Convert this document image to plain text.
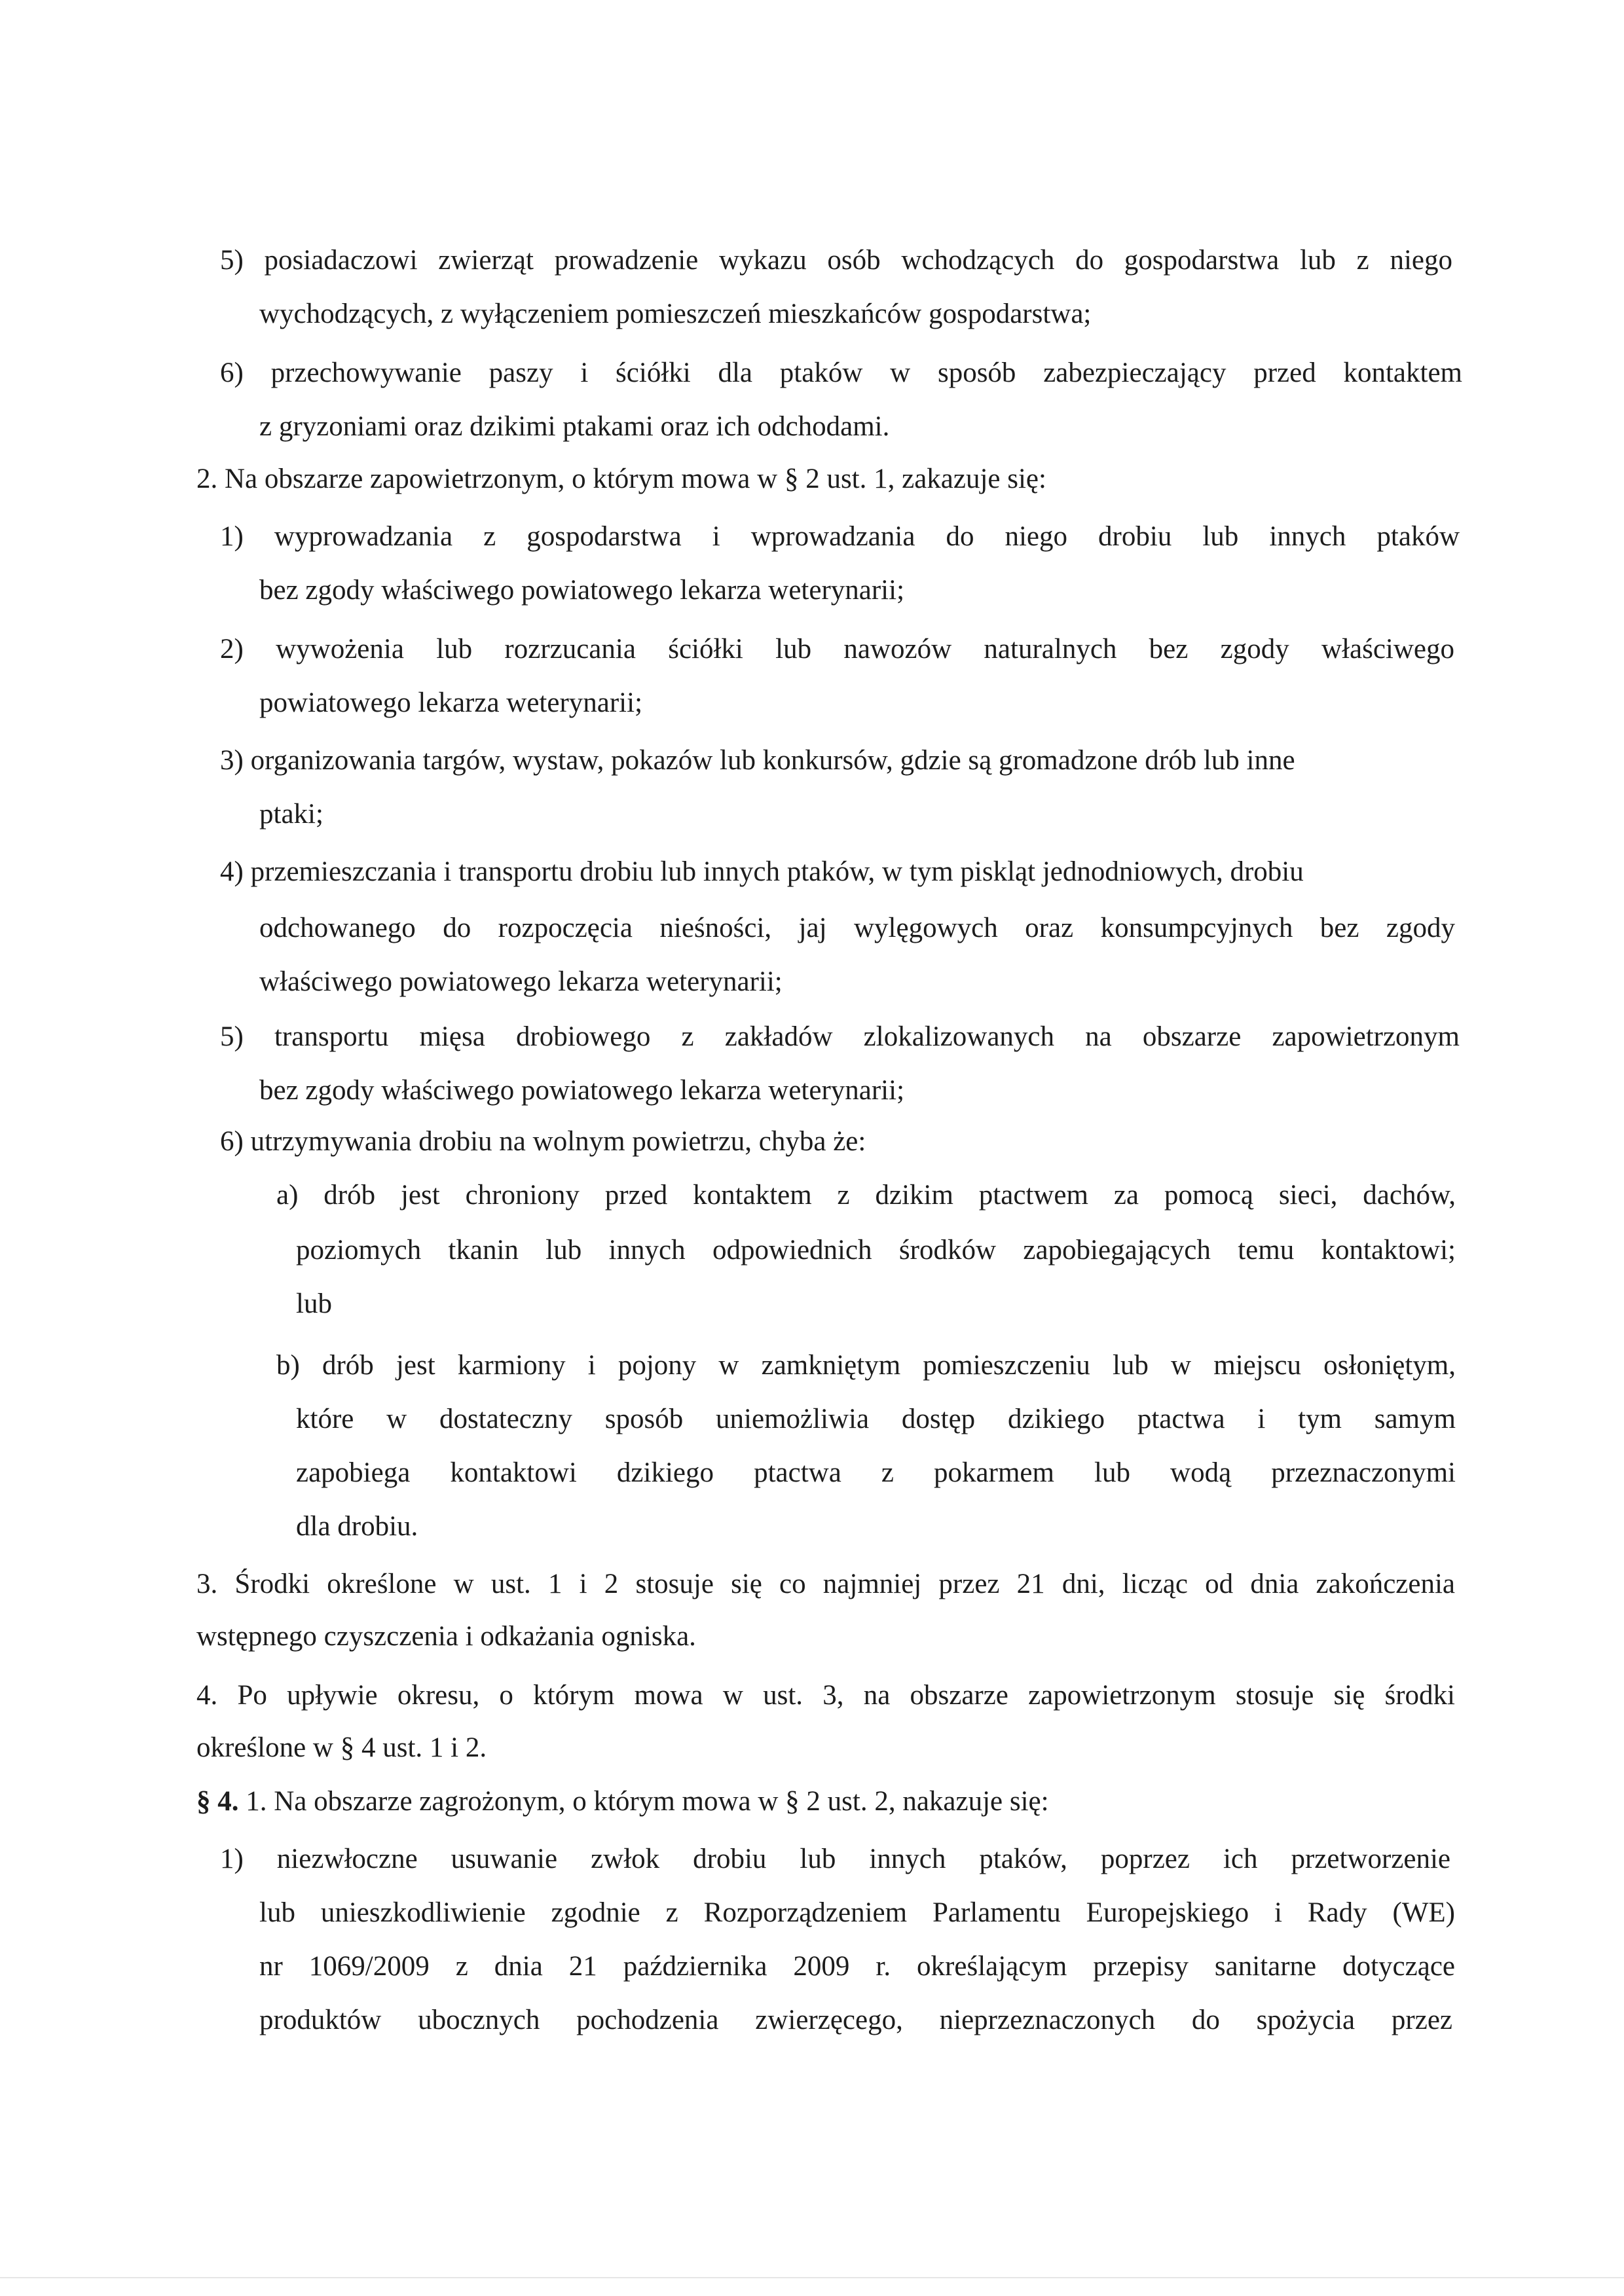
5) posiadaczowi zwierząt prowadzenie wykazu osób wchodzących do gospodarstwa lub z niego
wychodzących, z wyłączeniem pomieszczeń mieszkańców gospodarstwa;
6) przechowywanie paszy i ściółki dla ptaków w sposób zabezpieczający przed kontaktem
z gryzoniami oraz dzikimi ptakami oraz ich odchodami.
2. Na obszarze zapowietrzonym, o którym mowa w § 2 ust. 1, zakazuje się:
1) wyprowadzania z gospodarstwa i wprowadzania do niego drobiu lub innych ptaków
bez zgody właściwego powiatowego lekarza weterynarii;
2) wywożenia lub rozrzucania ściółki lub nawozów naturalnych bez zgody właściwego
powiatowego lekarza weterynarii;
3) organizowania targów, wystaw, pokazów lub konkursów, gdzie są gromadzone drób lub inne
ptaki;
4) przemieszczania i transportu drobiu lub innych ptaków, w tym piskląt jednodniowych, drobiu
odchowanego do rozpoczęcia nieśności, jaj wylęgowych oraz konsumpcyjnych bez zgody
właściwego powiatowego lekarza weterynarii;
5) transportu mięsa drobiowego z zakładów zlokalizowanych na obszarze zapowietrzonym
bez zgody właściwego powiatowego lekarza weterynarii;
6) utrzymywania drobiu na wolnym powietrzu, chyba że:
a) drób jest chroniony przed kontaktem z dzikim ptactwem za pomocą sieci, dachów,
poziomych tkanin lub innych odpowiednich środków zapobiegających temu kontaktowi;
lub
b) drób jest karmiony i pojony w zamkniętym pomieszczeniu lub w miejscu osłoniętym,
które w dostateczny sposób uniemożliwia dostęp dzikiego ptactwa i tym samym
zapobiega kontaktowi dzikiego ptactwa z pokarmem lub wodą przeznaczonymi
dla drobiu.
3. Środki określone w ust. 1 i 2 stosuje się co najmniej przez 21 dni, licząc od dnia zakończenia
wstępnego czyszczenia i odkażania ogniska.
4. Po upływie okresu, o którym mowa w ust. 3, na obszarze zapowietrzonym stosuje się środki
określone w § 4 ust. 1 i 2.
§ 4. 1. Na obszarze zagrożonym, o którym mowa w § 2 ust. 2, nakazuje się:
1) niezwłoczne usuwanie zwłok drobiu lub innych ptaków, poprzez ich przetworzenie
lub unieszkodliwienie zgodnie z Rozporządzeniem Parlamentu Europejskiego i Rady (WE)
nr 1069/2009 z dnia 21 października 2009 r. określającym przepisy sanitarne dotyczące
produktów ubocznych pochodzenia zwierzęcego, nieprzeznaczonych do spożycia przez
